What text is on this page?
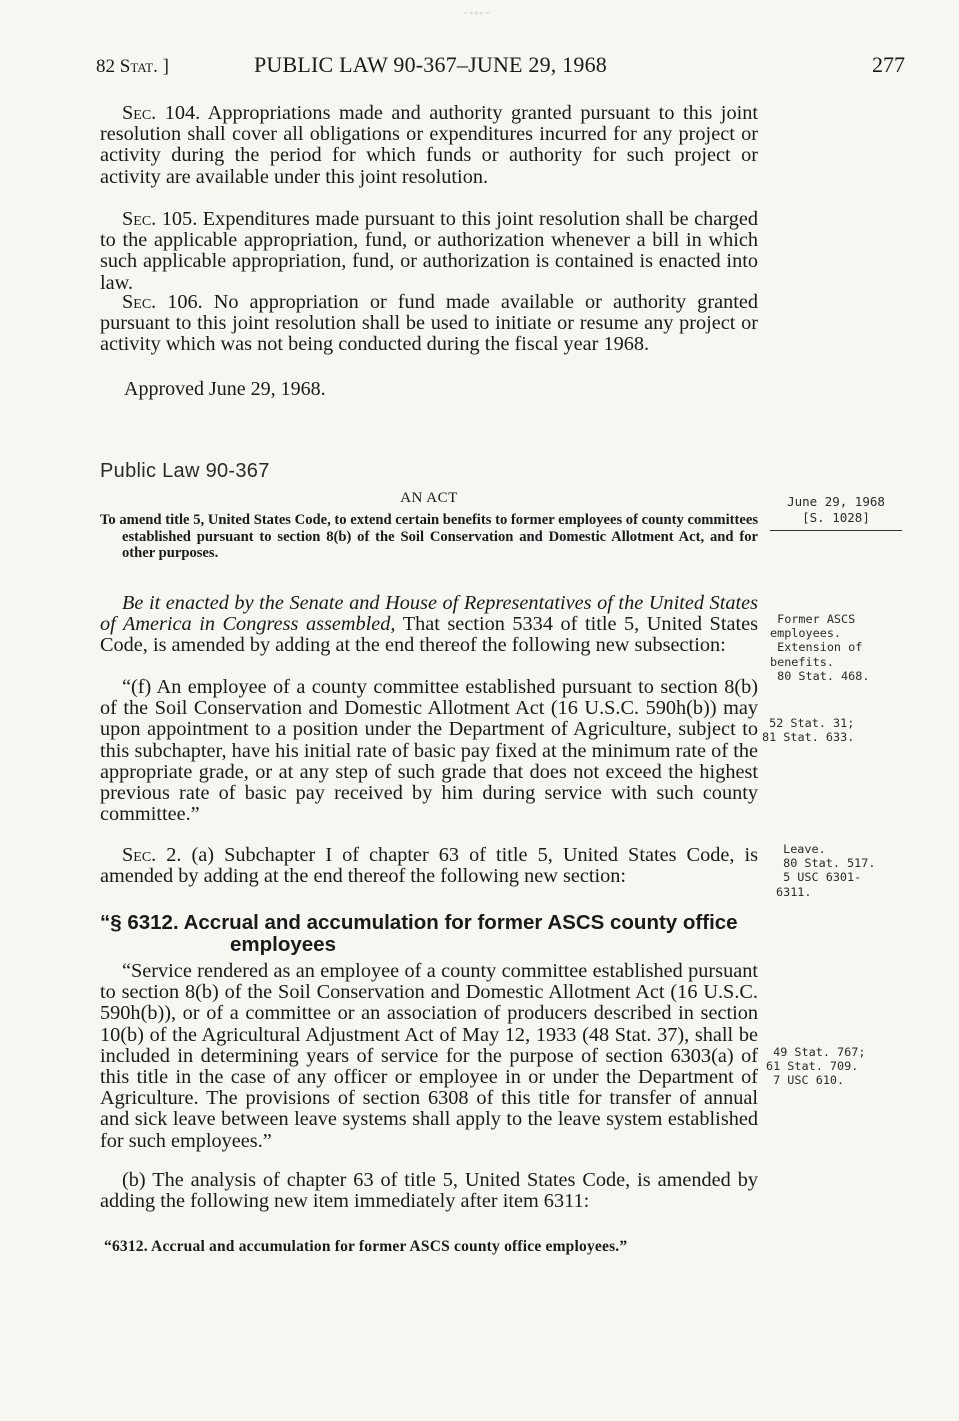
⁃•••⁃
82 Stat. ]	PUBLIC LAW 90-367–JUNE 29, 1968	277

Sec. 104. Appropriations made and authority granted pursuant to this joint resolution shall cover all obligations or expenditures incurred for any project or activity during the period for which funds or authority for such project or activity are available under this joint resolution.

Sec. 105. Expenditures made pursuant to this joint resolution shall be charged to the applicable appropriation, fund, or authorization whenever a bill in which such applicable appropriation, fund, or authorization is contained is enacted into law.

Sec. 106. No appropriation or fund made available or authority granted pursuant to this joint resolution shall be used to initiate or resume any project or activity which was not being conducted during the fiscal year 1968.

Approved June 29, 1968.
Public Law 90-367
AN ACT
To amend title 5, United States Code, to extend certain benefits to former employees of county committees established pursuant to section 8(b) of the Soil Conservation and Domestic Allotment Act, and for other purposes.
June 29, 1968
[S. 1028]

Be it enacted by the Senate and House of Representatives of the United States of America in Congress assembled, That section 5334 of title 5, United States Code, is amended by adding at the end thereof the following new subsection:

“(f) An employee of a county committee established pursuant to section 8(b) of the Soil Conservation and Domestic Allotment Act (16 U.S.C. 590h(b)) may upon appointment to a position under the Department of Agriculture, subject to this subchapter, have his initial rate of basic pay fixed at the minimum rate of the appropriate grade, or at any step of such grade that does not exceed the highest previous rate of basic pay received by him during service with such county committee.”

Sec. 2. (a) Subchapter I of chapter 63 of title 5, United States Code, is amended by adding at the end thereof the following new section:

“§ 6312. Accrual and accumulation for former ASCS county office employees

“Service rendered as an employee of a county committee established pursuant to section 8(b) of the Soil Conservation and Domestic Allotment Act (16 U.S.C. 590h(b)), or of a committee or an association of producers described in section 10(b) of the Agricultural Adjustment Act of May 12, 1933 (48 Stat. 37), shall be included in determining years of service for the purpose of section 6303(a) of this title in the case of any officer or employee in or under the Department of Agriculture. The provisions of section 6308 of this title for transfer of annual and sick leave between leave systems shall apply to the leave system established for such employees.”

(b) The analysis of chapter 63 of title 5, United States Code, is amended by adding the following new item immediately after item 6311:

“6312. Accrual and accumulation for former ASCS county office employees.”
Former ASCS
employees.
Extension of
benefits.
80 Stat. 468.
52 Stat. 31;
81 Stat. 633.
Leave.
80 Stat. 517.
5 USC 6301-
6311.
49 Stat. 767;
61 Stat. 709.
7 USC 610.
